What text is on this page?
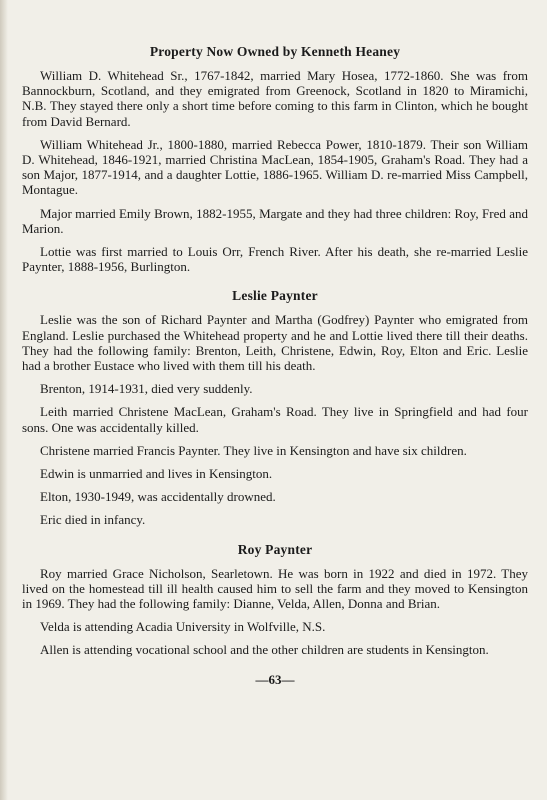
Property Now Owned by Kenneth Heaney

William D. Whitehead Sr., 1767-1842, married Mary Hosea, 1772-1860. She was from Bannockburn, Scotland, and they emigrated from Greenock, Scotland in 1820 to Miramichi, N.B. They stayed there only a short time before coming to this farm in Clinton, which he bought from David Bernard.

William Whitehead Jr., 1800-1880, married Rebecca Power, 1810-1879. Their son William D. Whitehead, 1846-1921, married Christina MacLean, 1854-1905, Graham's Road. They had a son Major, 1877-1914, and a daughter Lottie, 1886-1965. William D. re-married Miss Campbell, Montague.

Major married Emily Brown, 1882-1955, Margate and they had three children: Roy, Fred and Marion.

Lottie was first married to Louis Orr, French River. After his death, she re-married Leslie Paynter, 1888-1956, Burlington.

Leslie Paynter

Leslie was the son of Richard Paynter and Martha (Godfrey) Paynter who emigrated from England. Leslie purchased the Whitehead property and he and Lottie lived there till their deaths. They had the following family: Brenton, Leith, Christene, Edwin, Roy, Elton and Eric. Leslie had a brother Eustace who lived with them till his death.

Brenton, 1914-1931, died very suddenly.

Leith married Christene MacLean, Graham's Road. They live in Springfield and had four sons. One was accidentally killed.

Christene married Francis Paynter. They live in Kensington and have six children.

Edwin is unmarried and lives in Kensington.

Elton, 1930-1949, was accidentally drowned.

Eric died in infancy.

Roy Paynter

Roy married Grace Nicholson, Searletown. He was born in 1922 and died in 1972. They lived on the homestead till ill health caused him to sell the farm and they moved to Kensington in 1969. They had the following family: Dianne, Velda, Allen, Donna and Brian.

Velda is attending Acadia University in Wolfville, N.S.

Allen is attending vocational school and the other children are students in Kensington.

—63—
